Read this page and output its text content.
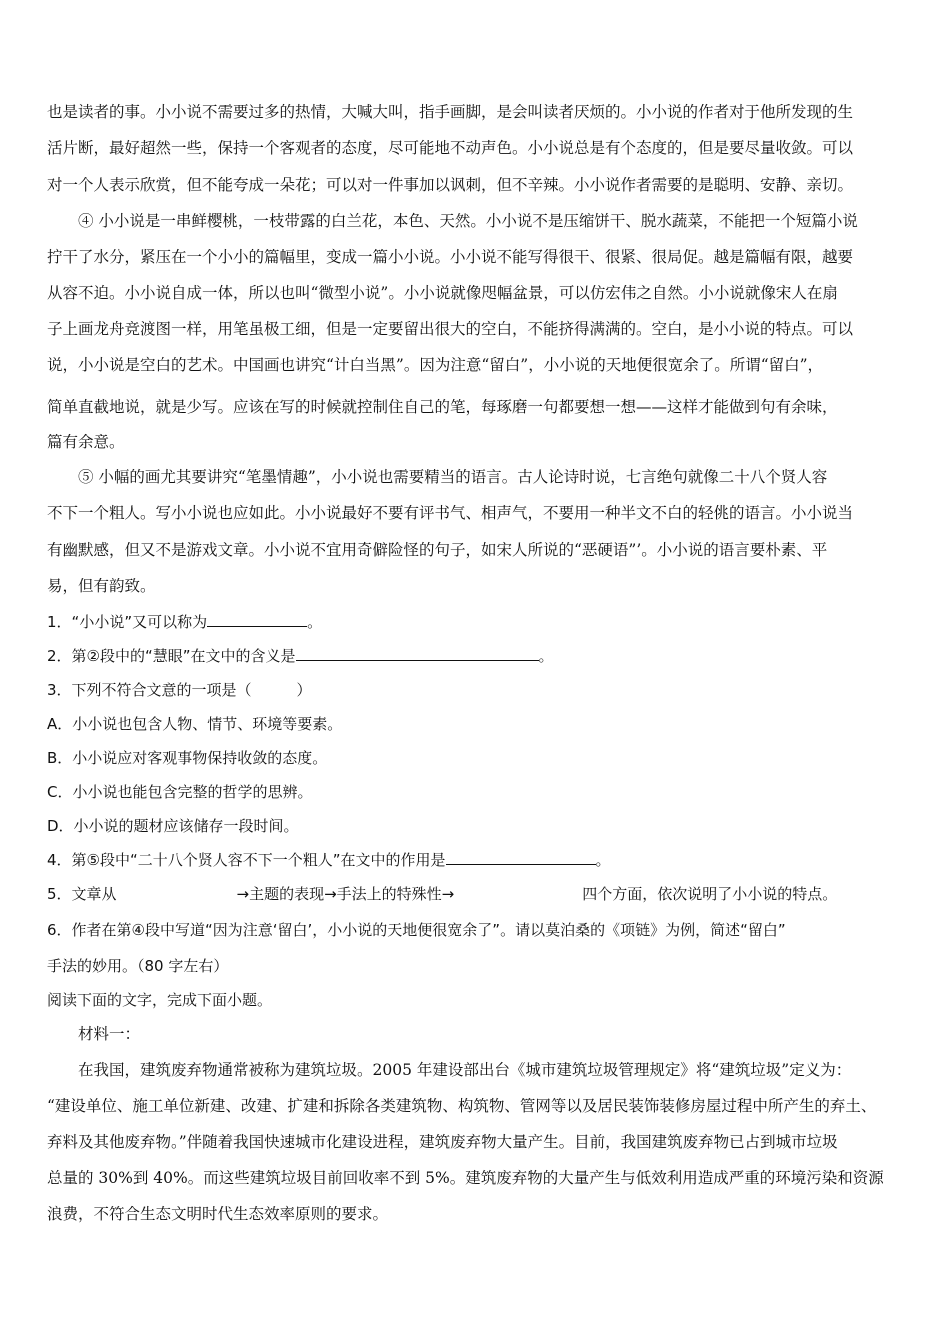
也是读者的事。小小说不需要过多的热情，大喊大叫，指手画脚，是会叫读者厌烦的。小小说的作者对于他所发现的生
活片断，最好超然一些，保持一个客观者的态度，尽可能地不动声色。小小说总是有个态度的，但是要尽量收敛。可以
对一个人表示欣赏，但不能夸成一朵花；可以对一件事加以讽刺，但不辛辣。小小说作者需要的是聪明、安静、亲切。
④ 小小说是一串鲜樱桃，一枝带露的白兰花，本色、天然。小小说不是压缩饼干、脱水蔬菜，不能把一个短篇小说
拧干了水分，紧压在一个小小的篇幅里，变成一篇小小说。小小说不能写得很干、很紧、很局促。越是篇幅有限，越要
从容不迫。小小说自成一体，所以也叫“微型小说”。小小说就像咫幅盆景，可以仿宏伟之自然。小小说就像宋人在扇
子上画龙舟竞渡图一样，用笔虽极工细，但是一定要留出很大的空白，不能挤得满满的。空白，是小小说的特点。可以
说，小小说是空白的艺术。中国画也讲究“计白当黑”。因为注意“留白”，小小说的天地便很宽余了。所谓“留白”，
简单直截地说，就是少写。应该在写的时候就控制住自己的笔，每琢磨一句都要想一想——这样才能做到句有余味，
篇有余意。
⑤ 小幅的画尤其要讲究“笔墨情趣”，小小说也需要精当的语言。古人论诗时说，七言绝句就像二十八个贤人容
不下一个粗人。写小小说也应如此。小小说最好不要有评书气、相声气，不要用一种半文不白的轻佻的语言。小小说当
有幽默感，但又不是游戏文章。小小说不宜用奇僻险怪的句子，如宋人所说的“恶硬语”’。小小说的语言要朴素、平
易，但有韵致。
1．“小小说”又可以称为	。
2．第②段中的“慧眼”在文中的含义是	。
3．下列不符合文意的一项是（　　　）
A．小小说也包含人物、情节、环境等要素。
B．小小说应对客观事物保持收敛的态度。
C．小小说也能包含完整的哲学的思辨。
D．小小说的题材应该储存一段时间。
4．第⑤段中“二十八个贤人容不下一个粗人”在文中的作用是	。
5．文章从	→主题的表现→手法上的特殊性→	四个方面，依次说明了小小说的特点。
6．作者在第④段中写道“因为注意‘留白’，小小说的天地便很宽余了”。请以莫泊桑的《项链》为例，简述“留白”
手法的妙用。（80 字左右）
阅读下面的文字，完成下面小题。
材料一：
在我国，建筑废弃物通常被称为建筑垃圾。2005 年建设部出台《城市建筑垃圾管理规定》将“建筑垃圾”定义为：
“建设单位、施工单位新建、改建、扩建和拆除各类建筑物、构筑物、管网等以及居民装饰装修房屋过程中所产生的弃土、
弃料及其他废弃物。”伴随着我国快速城市化建设进程，建筑废弃物大量产生。目前，我国建筑废弃物已占到城市垃圾
总量的 30%到 40%。而这些建筑垃圾目前回收率不到 5%。建筑废弃物的大量产生与低效利用造成严重的环境污染和资源
浪费，不符合生态文明时代生态效率原则的要求。
